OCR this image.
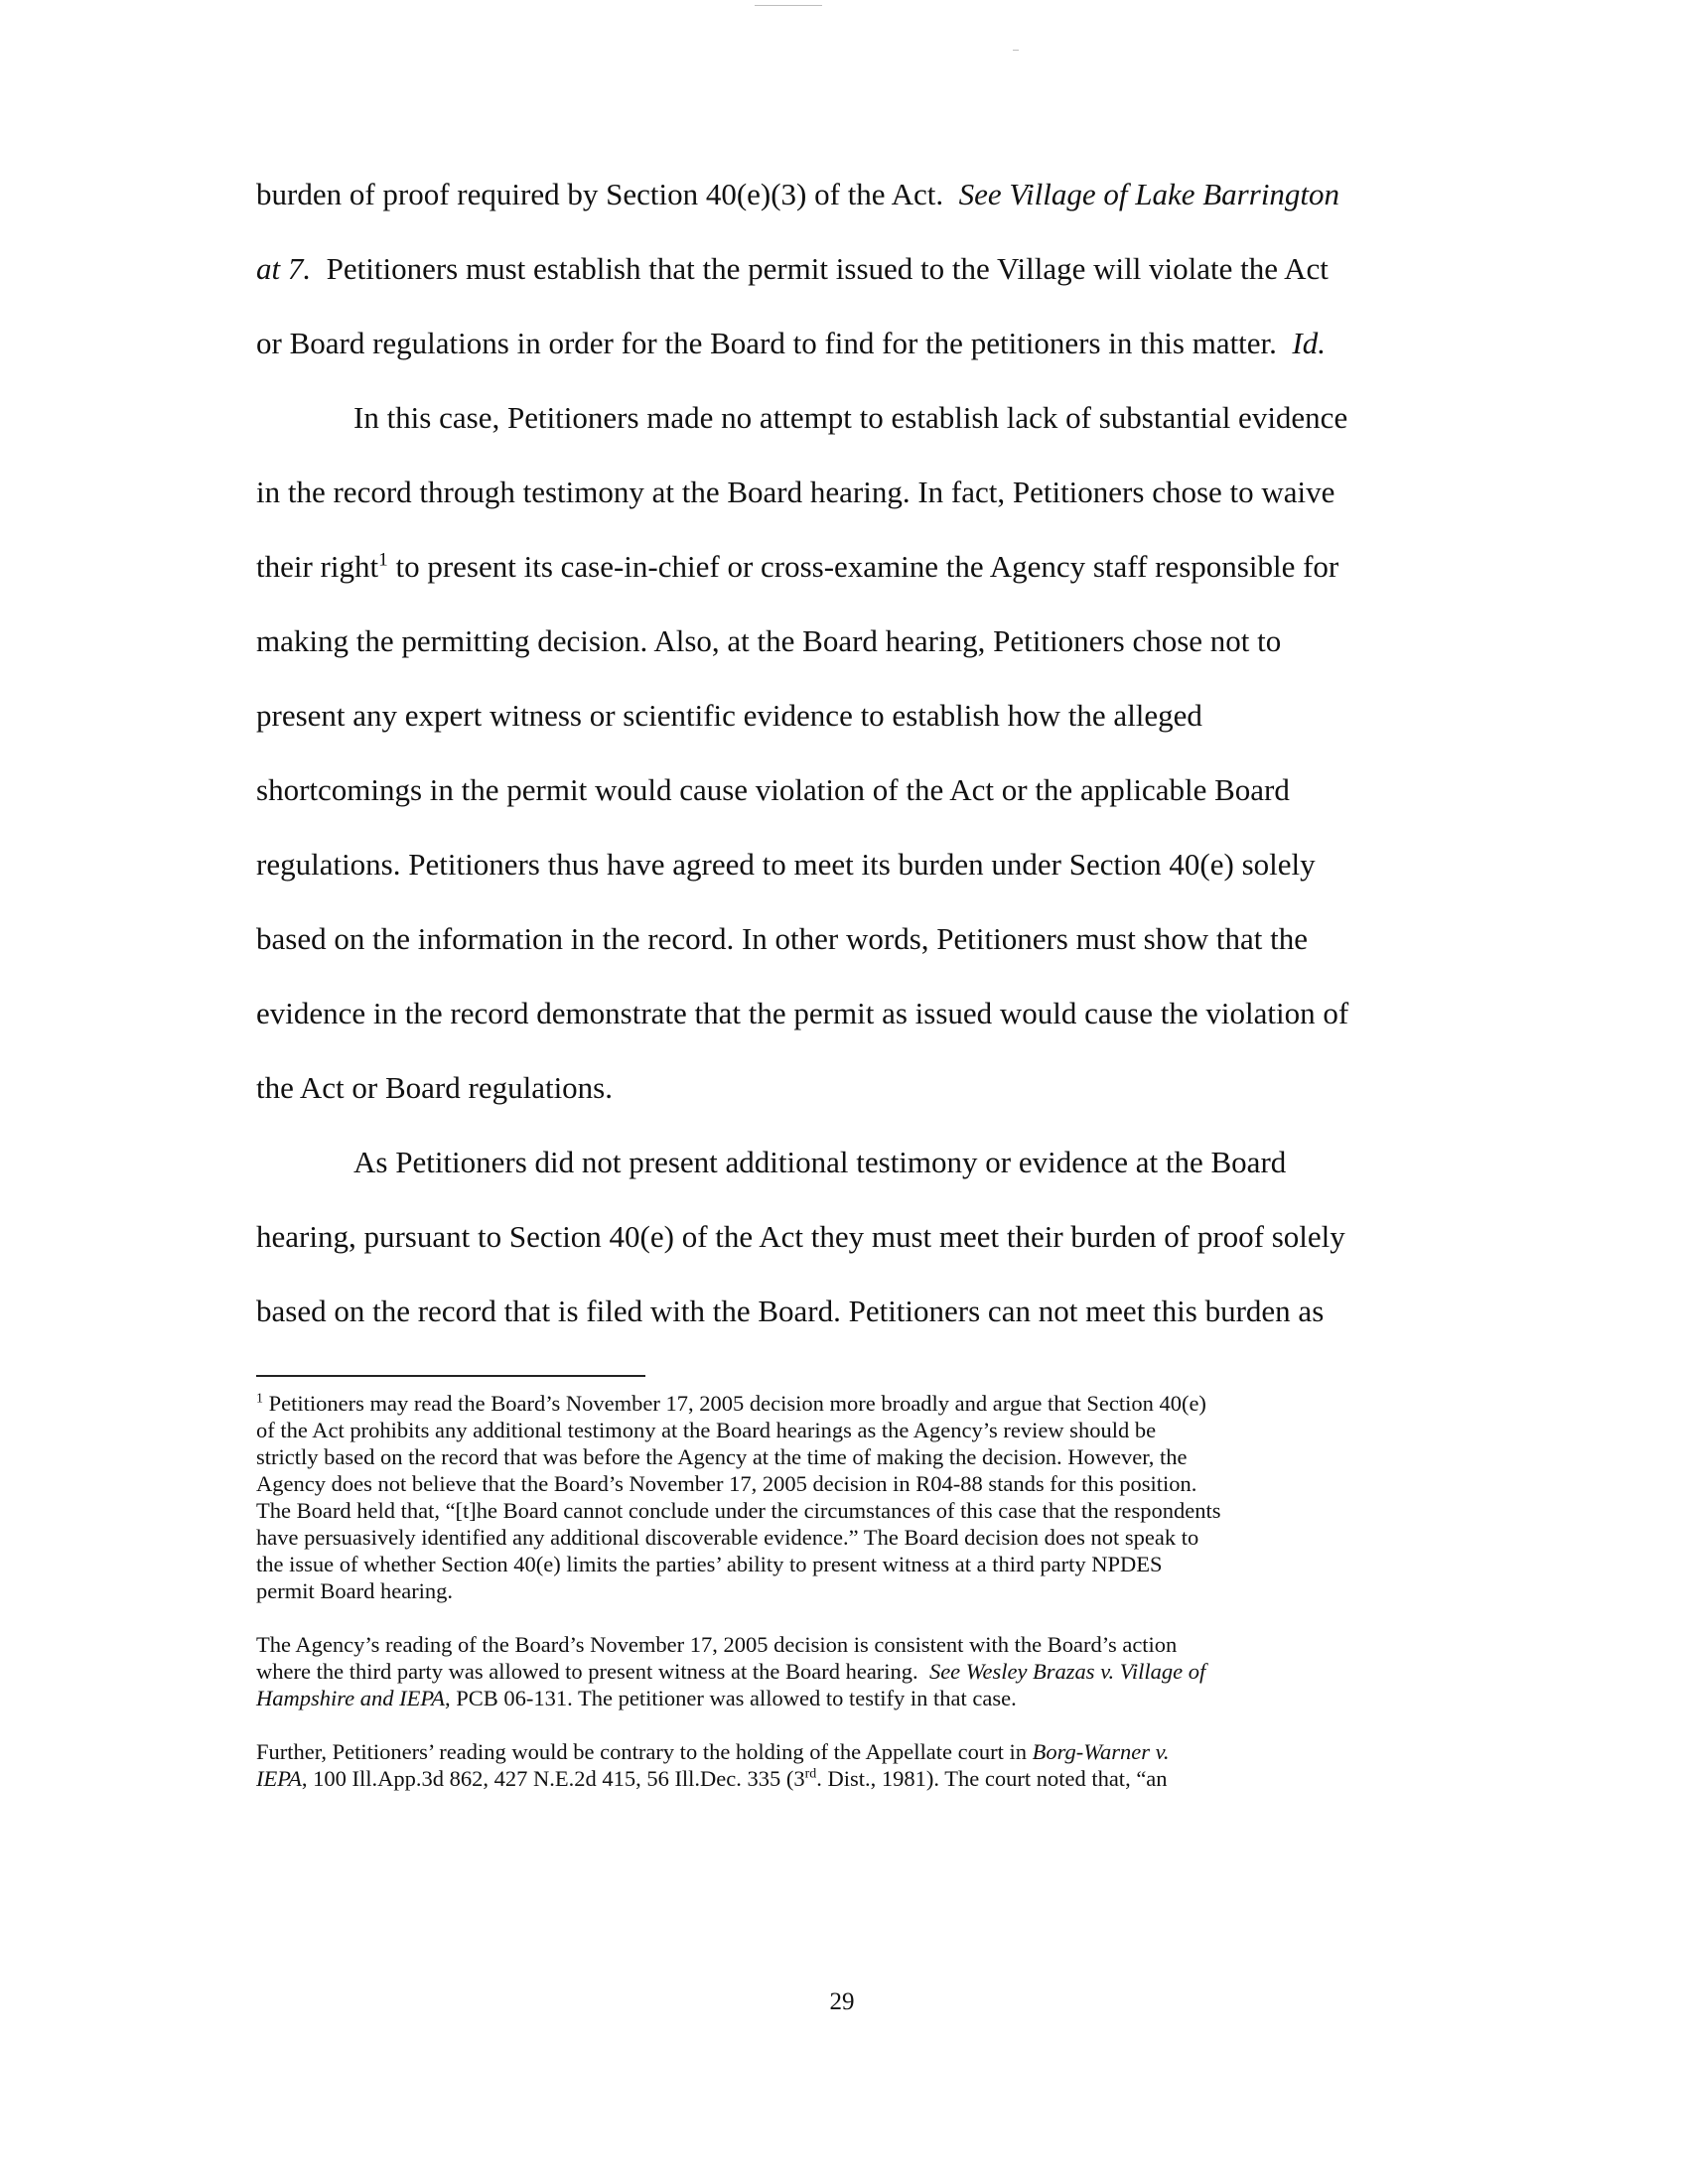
burden of proof required by Section 40(e)(3) of the Act. See Village of Lake Barrington
at 7. Petitioners must establish that the permit issued to the Village will violate the Act
or Board regulations in order for the Board to find for the petitioners in this matter. Id.
In this case, Petitioners made no attempt to establish lack of substantial evidence
in the record through testimony at the Board hearing. In fact, Petitioners chose to waive
their right$^1$ to present its case-in-chief or cross-examine the Agency staff responsible for
making the permitting decision. Also, at the Board hearing, Petitioners chose not to
present any expert witness or scientific evidence to establish how the alleged
shortcomings in the permit would cause violation of the Act or the applicable Board
regulations. Petitioners thus have agreed to meet its burden under Section 40(e) solely
based on the information in the record. In other words, Petitioners must show that the
evidence in the record demonstrate that the permit as issued would cause the violation of
the Act or Board regulations.
As Petitioners did not present additional testimony or evidence at the Board
hearing, pursuant to Section 40(e) of the Act they must meet their burden of proof solely
based on the record that is filed with the Board. Petitioners can not meet this burden as
$^1$ Petitioners may read the Board’s November 17, 2005 decision more broadly and argue that Section 40(e)
of the Act prohibits any additional testimony at the Board hearings as the Agency’s review should be
strictly based on the record that was before the Agency at the time of making the decision. However, the
Agency does not believe that the Board’s November 17, 2005 decision in R04-88 stands for this position.
The Board held that, “[t]he Board cannot conclude under the circumstances of this case that the respondents
have persuasively identified any additional discoverable evidence.” The Board decision does not speak to
the issue of whether Section 40(e) limits the parties’ ability to present witness at a third party NPDES
permit Board hearing.
The Agency’s reading of the Board’s November 17, 2005 decision is consistent with the Board’s action
where the third party was allowed to present witness at the Board hearing. See Wesley Brazas v. Village of
Hampshire and IEPA, PCB 06-131. The petitioner was allowed to testify in that case.
Further, Petitioners’ reading would be contrary to the holding of the Appellate court in Borg-Warner v.
IEPA, 100 Ill.App.3d 862, 427 N.E.2d 415, 56 Ill.Dec. 335 (3rd. Dist., 1981). The court noted that, “an
29
